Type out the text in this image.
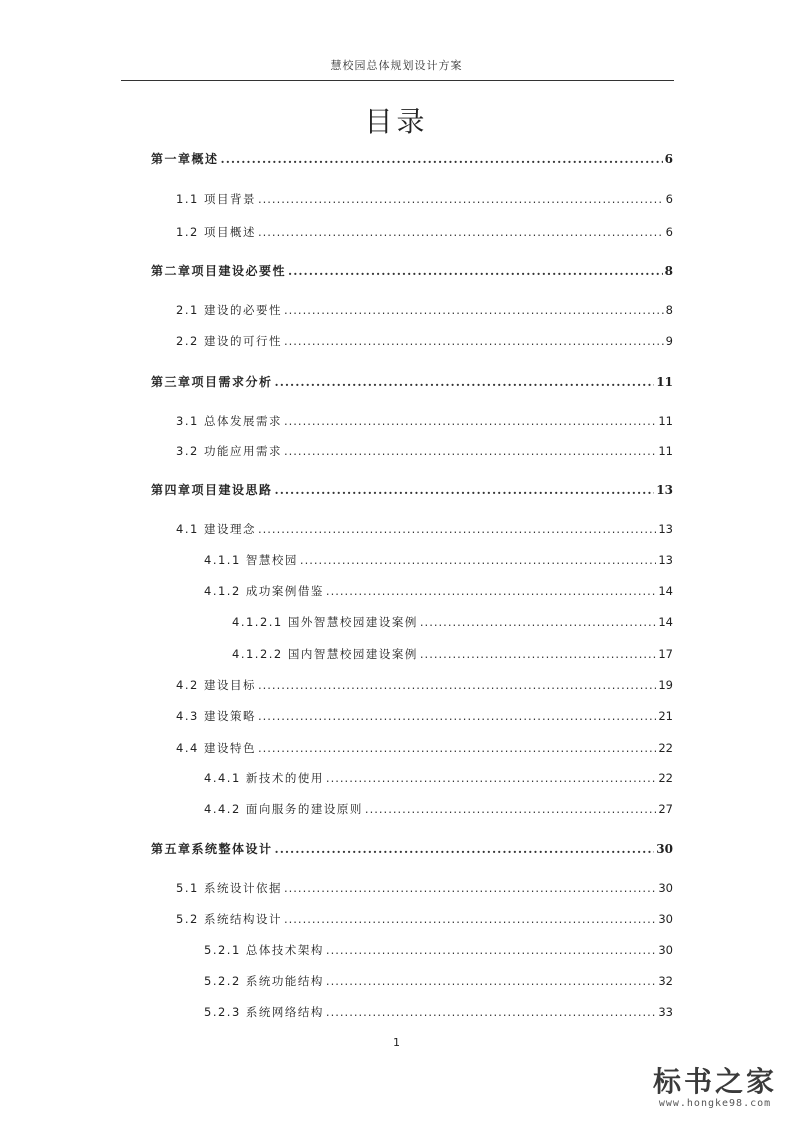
慧校园总体规划设计方案
目录
第一章概述 .....	6
1.1 项目背景 .....	6
1.2 项目概述 .....	6
第二章项目建设必要性 .....	8
2.1 建设的必要性 .....	8
2.2 建设的可行性 .....	9
第三章项目需求分析 .....	11
3.1 总体发展需求 .....	11
3.2 功能应用需求 .....	11
第四章项目建设思路 .....	13
4.1 建设理念 .....	13
4.1.1 智慧校园 .....	13
4.1.2 成功案例借鉴 .....	14
4.1.2.1 国外智慧校园建设案例 .....	14
4.1.2.2 国内智慧校园建设案例 .....	17
4.2 建设目标 .....	19
4.3 建设策略 .....	21
4.4 建设特色 .....	22
4.4.1 新技术的使用 .....	22
4.4.2 面向服务的建设原则 .....	27
第五章系统整体设计 .....	30
5.1 系统设计依据 .....	30
5.2 系统结构设计 .....	30
5.2.1 总体技术架构 .....	30
5.2.2 系统功能结构 .....	32
5.2.3 系统网络结构 .....	33
1
标书之家
www.hongke98.com
